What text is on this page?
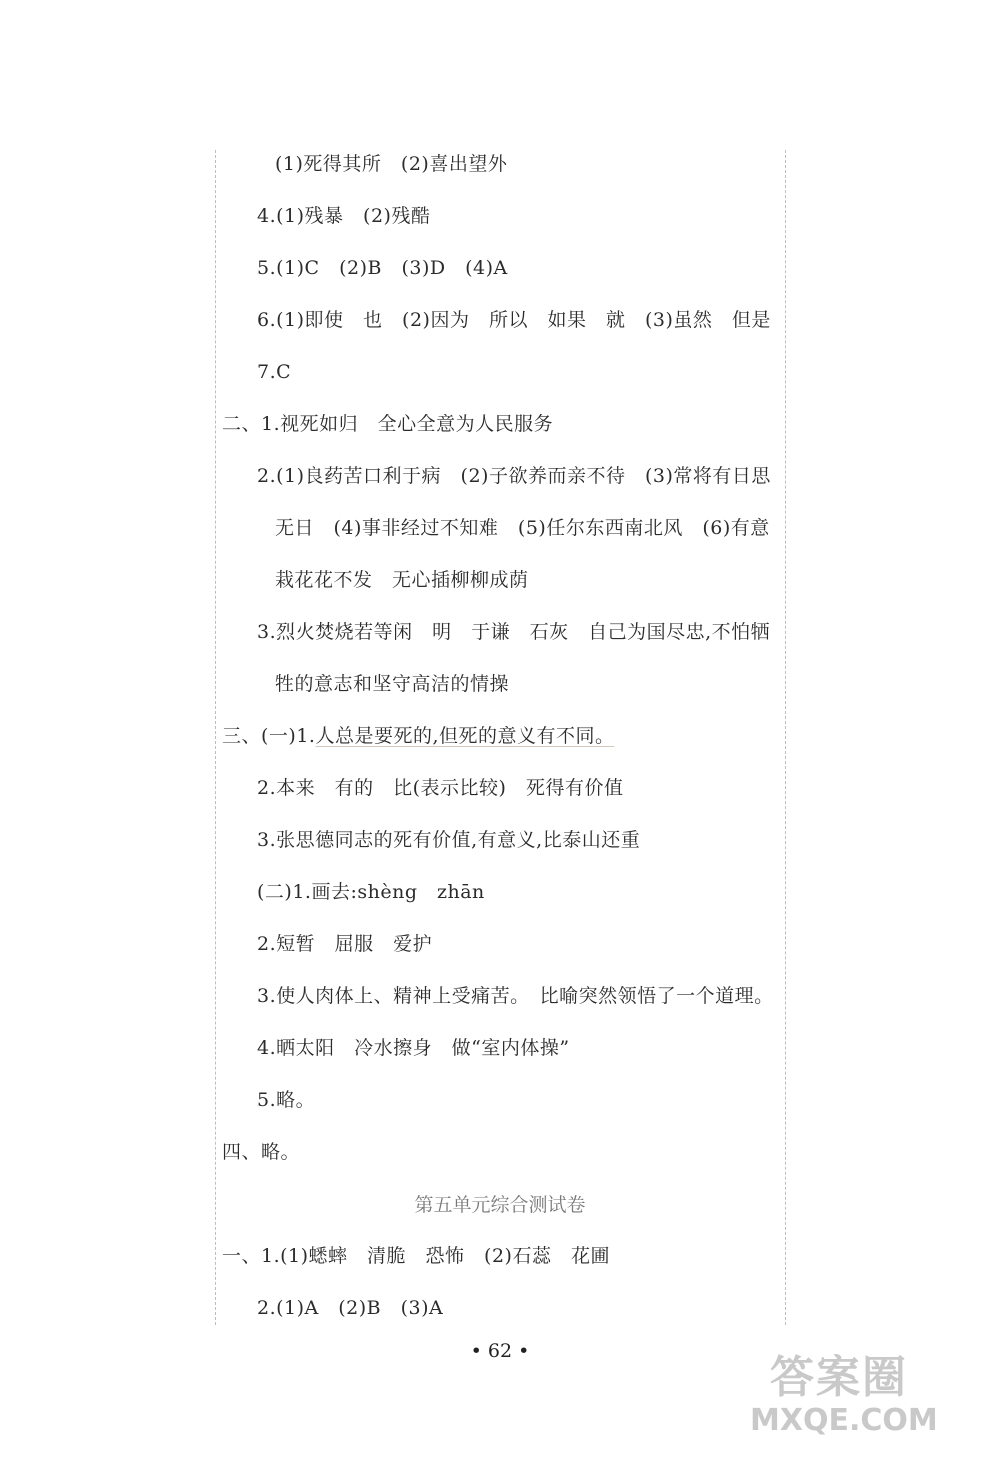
(1)死得其所　(2)喜出望外
4.(1)残暴　(2)残酷
5.(1)C　(2)B　(3)D　(4)A
6.(1)即使　也　(2)因为　所以　如果　就　(3)虽然　但是
7.C
二、1.视死如归　全心全意为人民服务
2.(1)良药苦口利于病　(2)子欲养而亲不待　(3)常将有日思
无日　(4)事非经过不知难　(5)任尔东西南北风　(6)有意
栽花花不发　无心插柳柳成荫
3.烈火焚烧若等闲　明　于谦　石灰　自己为国尽忠,不怕牺
牲的意志和坚守高洁的情操
三、(一)1.人总是要死的,但死的意义有不同。
2.本来　有的　比(表示比较)　死得有价值
3.张思德同志的死有价值,有意义,比泰山还重
(二)1.画去:shèng　zhān
2.短暂　屈服　爱护
3.使人肉体上、精神上受痛苦。　比喻突然领悟了一个道理。
4.晒太阳　冷水擦身　做“室内体操”
5.略。
四、略。
第五单元综合测试卷
一、1.(1)蟋蟀　清脆　恐怖　(2)石蕊　花圃
2.(1)A　(2)B　(3)A
• 62 •
答案圈
MXQE.COM
